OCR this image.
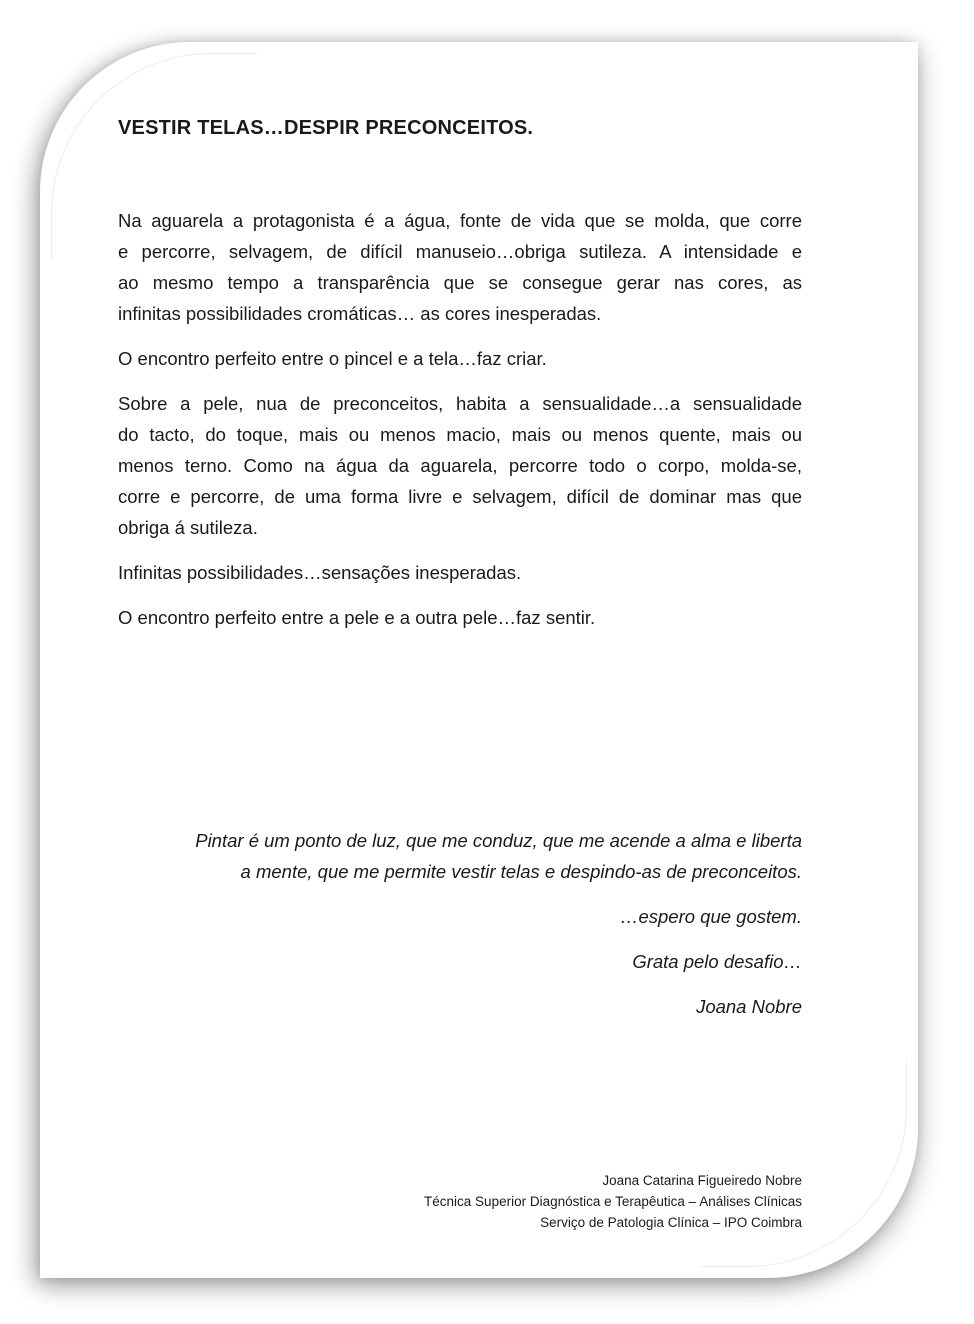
VESTIR TELAS…DESPIR PRECONCEITOS.
Na aguarela a protagonista é a água, fonte de vida que se molda, que corre
e percorre, selvagem, de difícil manuseio…obriga sutileza. A intensidade e
ao mesmo tempo a transparência que se consegue gerar nas cores, as
infinitas possibilidades cromáticas… as cores inesperadas.
O encontro perfeito entre o pincel e a tela…faz criar.
Sobre a pele, nua de preconceitos, habita a sensualidade…a sensualidade
do tacto, do toque, mais ou menos macio, mais ou menos quente, mais ou
menos terno. Como na água da aguarela, percorre todo o corpo, molda-se,
corre e percorre, de uma forma livre e selvagem, difícil de dominar mas que
obriga á sutileza.
Infinitas possibilidades…sensações inesperadas.
O encontro perfeito entre a pele e a outra pele…faz sentir.
Pintar é um ponto de luz, que me conduz, que me acende a alma e liberta
a mente, que me permite vestir telas e despindo-as de preconceitos.
…espero que gostem.
Grata pelo desafio…
Joana Nobre
Joana Catarina Figueiredo Nobre
Técnica Superior Diagnóstica e Terapêutica – Análises Clínicas
Serviço de Patologia Clínica – IPO Coimbra
